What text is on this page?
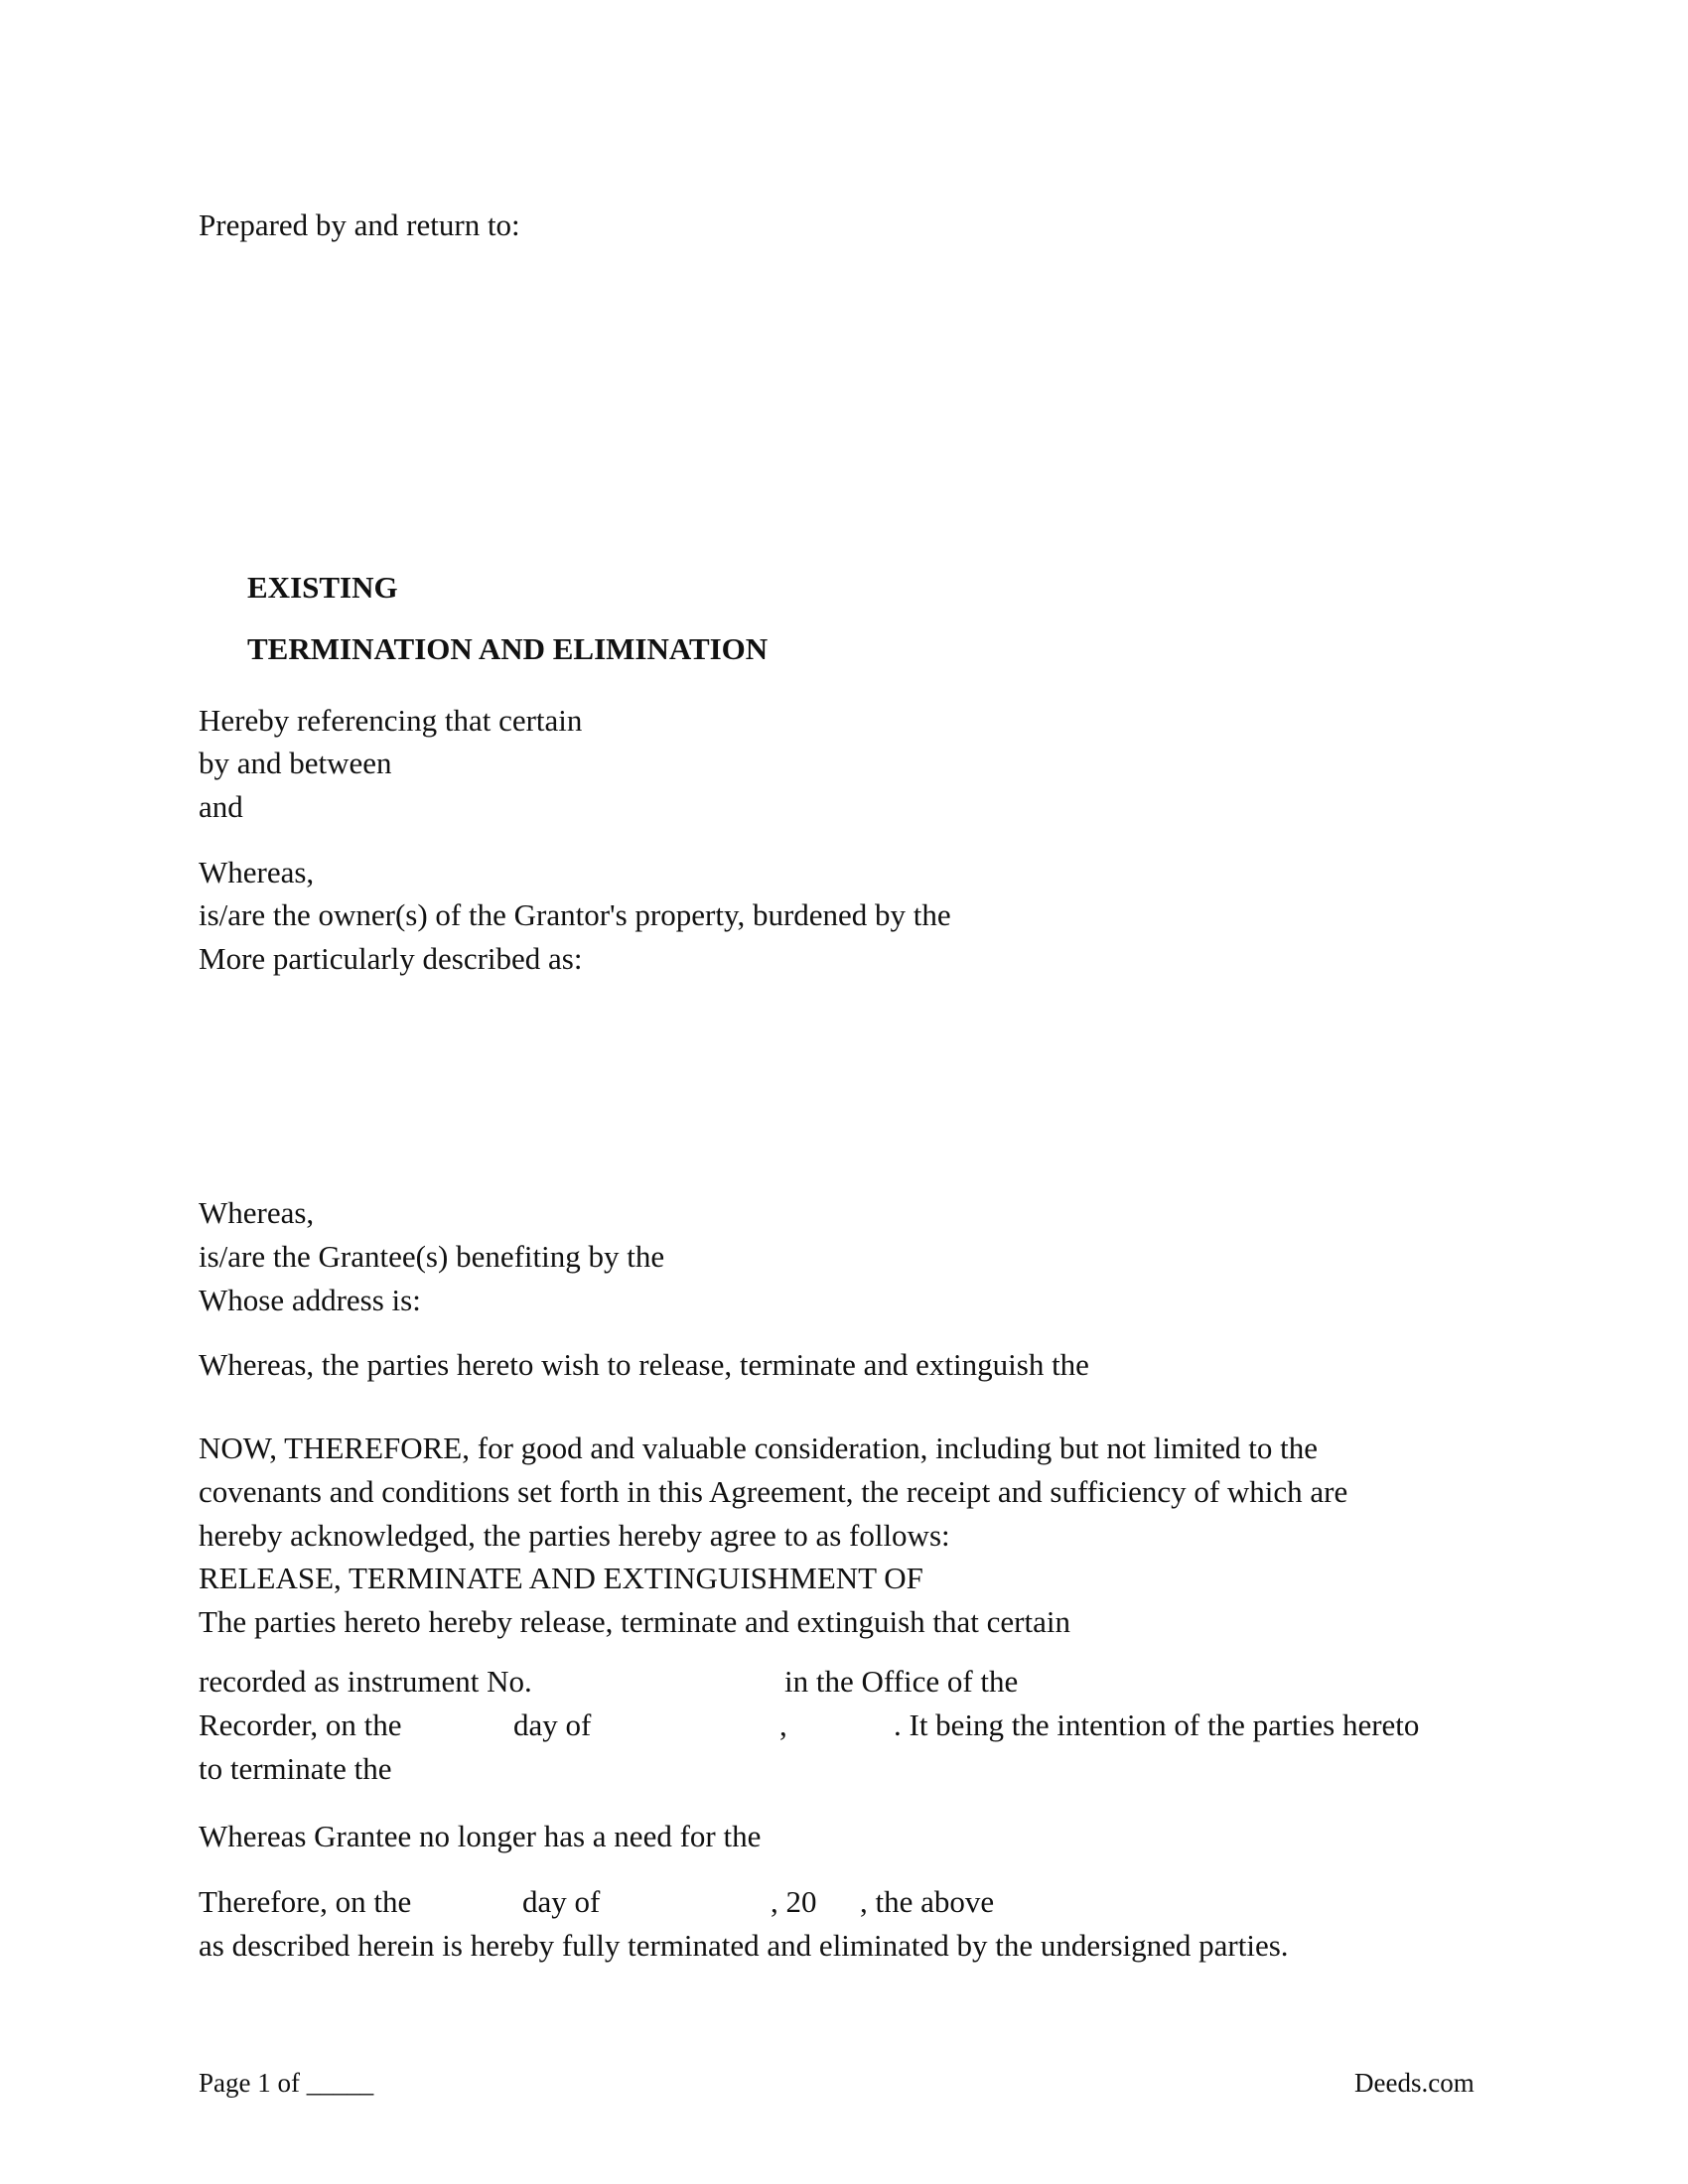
Prepared by and return to:
EXISTING
TERMINATION AND ELIMINATION
Hereby referencing that certain
by and between
and
Whereas,
is/are the owner(s) of the Grantor's property, burdened by the
More particularly described as:
Whereas,
is/are the Grantee(s) benefiting by the
Whose address is:
Whereas, the parties hereto wish to release, terminate and extinguish the
NOW, THEREFORE, for good and valuable consideration, including but not limited to the
covenants and conditions set forth in this Agreement, the receipt and sufficiency of which are
hereby acknowledged, the parties hereby agree to as follows:
RELEASE, TERMINATE AND EXTINGUISHMENT OF
The parties hereto hereby release, terminate and extinguish that certain
recorded as instrument No.	in the Office of the
Recorder, on the	day of	,	. It being the intention of the parties hereto
to terminate the
Whereas Grantee no longer has a need for the
Therefore, on the	day of	, 20 , the above
as described herein is hereby fully terminated and eliminated by the undersigned parties.
Page 1 of _____	Deeds.com
